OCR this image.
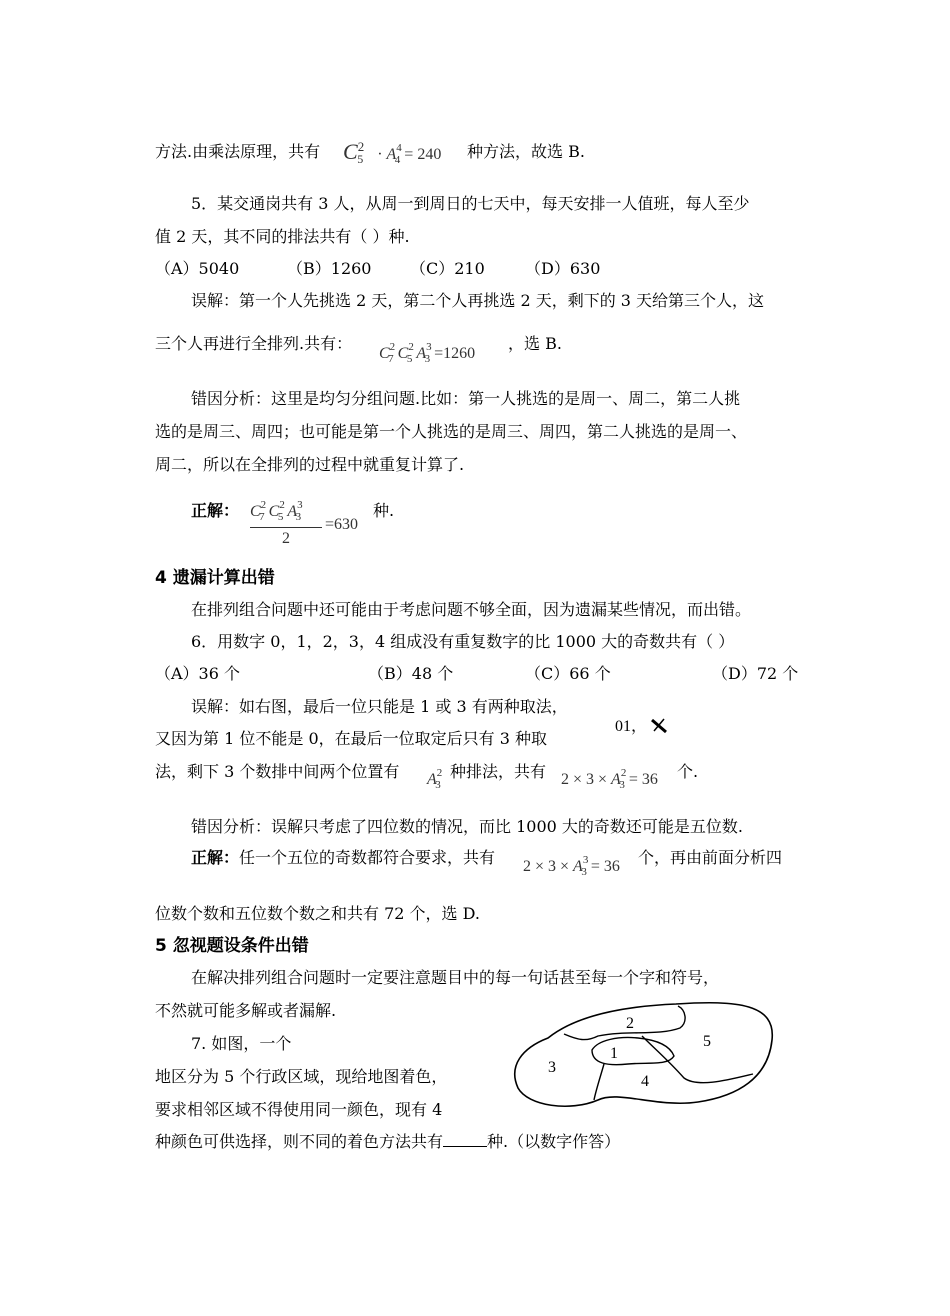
方法.由乘法原理，共有 $C^2_5 \cdot A^4_4 = 240$ 种方法，故选 B.
5．某交通岗共有 3 人，从周一到周日的七天中，每天安排一人值班，每人至少
值 2 天，其不同的排法共有（ ）种.
（A）5040	（B）1260 （C）210	（D）630
误解：第一个人先挑选 2 天，第二个人再挑选 2 天，剩下的 3 天给第三个人，这
三个人再进行全排列.共有：
$C^2_7$ $C^2_5$ $A^3_3 =1260$
，选 B.
错因分析：这里是均匀分组问题.比如：第一人挑选的是周一、周二，第二人挑
选的是周三、周四；也可能是第一个人挑选的是周三、周四，第二人挑选的是周一、
周二，所以在全排列的过程中就重复计算了.
正解： $C^2_7$ $C^2_5$ $A^3_3$
2
=630
种.
4 遗漏计算出错
在排列组合问题中还可能由于考虑问题不够全面，因为遗漏某些情况，而出错。
6．用数字 0，1，2，3，4 组成没有重复数字的比 1000 大的奇数共有（ ）
（A）36 个	（B）48 个	（C）66 个	（D）72 个
误解：如右图，最后一位只能是 1 或 3 有两种取法，
又因为第 1 位不能是 0，在最后一位取定后只有 3 种取
01，
法，剩下 3 个数排中间两个位置有 $A^2_3$
种排法，共有 $2 \times 3 \times A^2_3 = 36$ 个.
错因分析：误解只考虑了四位数的情况，而比 1000 大的奇数还可能是五位数.
正解：任一个五位的奇数都符合要求，共有 $2 \times 3 \times A^3_3 = 36$ 个，再由前面分析四
位数个数和五位数个数之和共有 72 个，选 D.
5 忽视题设条件出错
在解决排列组合问题时一定要注意题目中的每一句话甚至每一个字和符号，
不然就可能多解或者漏解.
7. 如图，一个
地区分为 5 个行政区域，现给地图着色，
要求相邻区域不得使用同一颜色，现有 4
种颜色可供选择，则不同的着色方法共有	种.（以数字作答）
2
1
5
3
4
